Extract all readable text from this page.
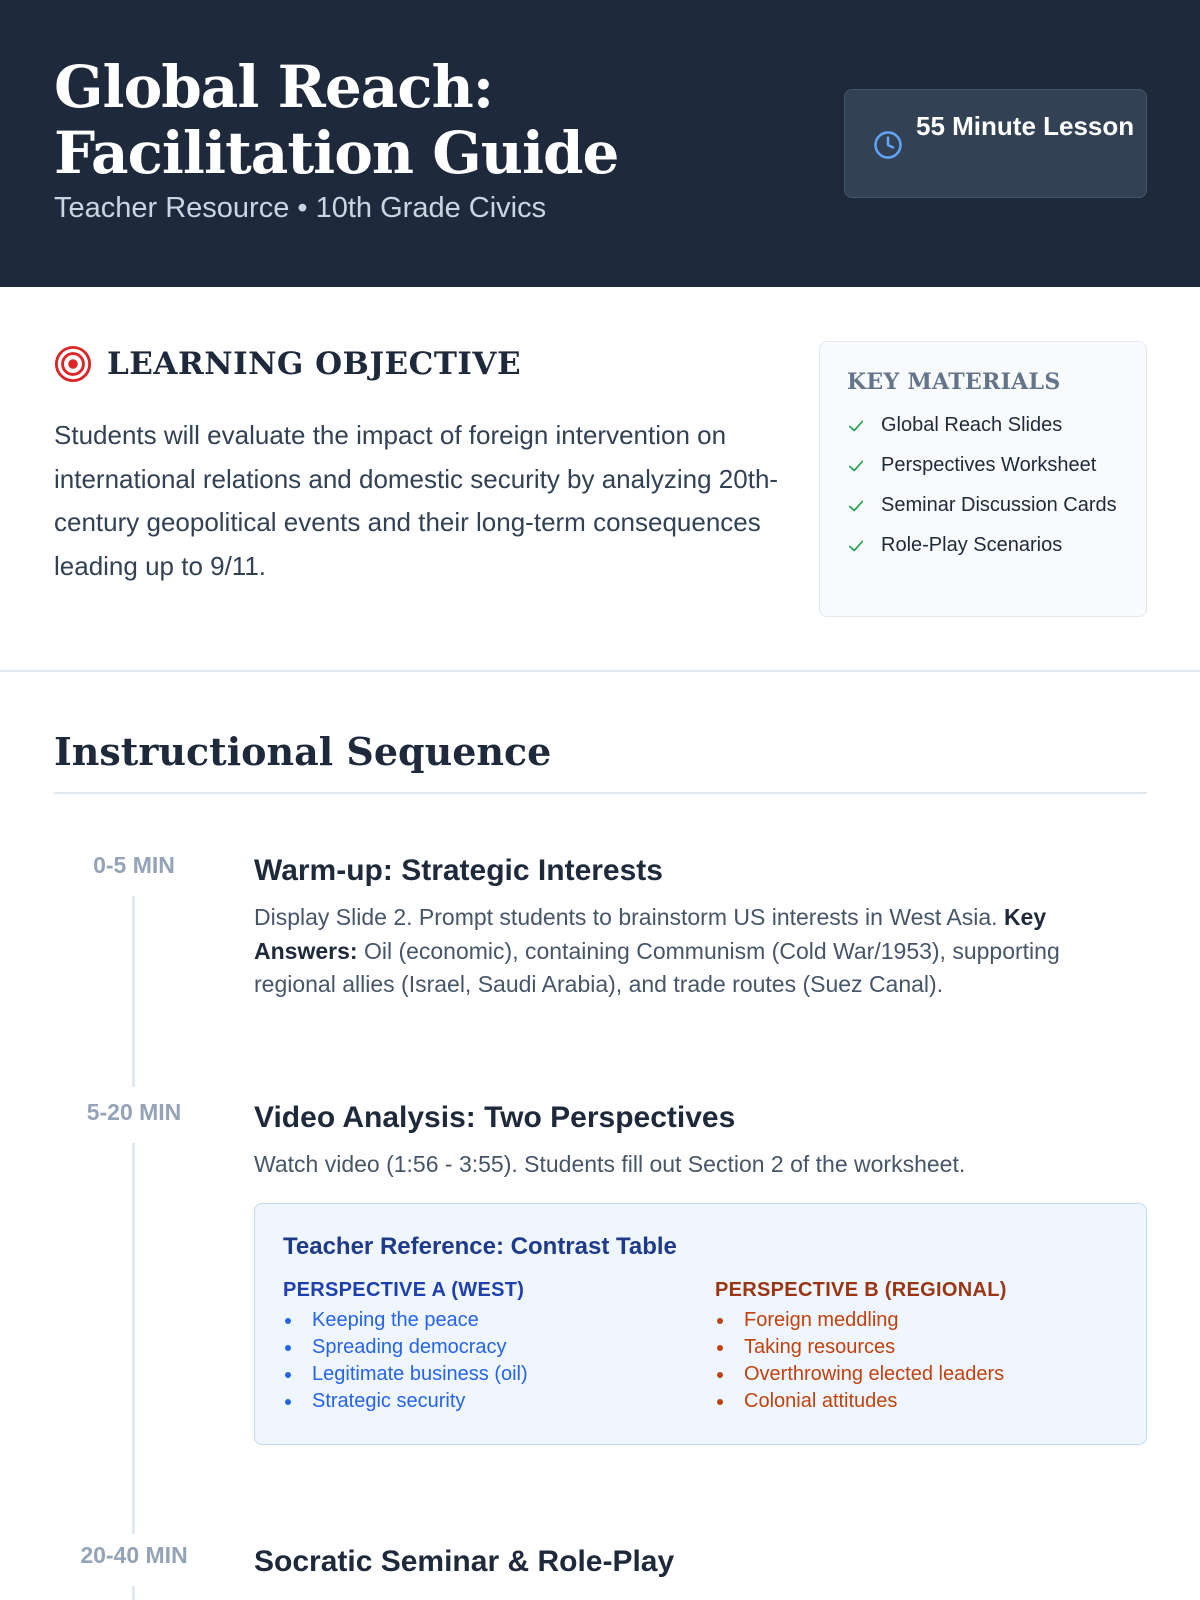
Global Reach: Facilitation Guide
Teacher Resource • 10th Grade Civics
55 Minute Lesson
LEARNING OBJECTIVE

Students will evaluate the impact of foreign intervention on international relations and domestic security by analyzing 20th-century geopolitical events and their long-term consequences leading up to 9/11.

KEY MATERIALS
Global Reach Slides
Perspectives Worksheet
Seminar Discussion Cards
Role-Play Scenarios
Instructional Sequence
0-5 MIN	Warm-up: Strategic Interests

Display Slide 2. Prompt students to brainstorm US interests in West Asia. Key Answers: Oil (economic), containing Communism (Cold War/1953), supporting regional allies (Israel, Saudi Arabia), and trade routes (Suez Canal).

5-20 MIN	Video Analysis: Two Perspectives

Watch video (1:56 - 3:55). Students fill out Section 2 of the worksheet.

Teacher Reference: Contrast Table
PERSPECTIVE A (WEST)
Keeping the peace
Spreading democracy
Legitimate business (oil)
Strategic security
PERSPECTIVE B (REGIONAL)
Foreign meddling
Taking resources
Overthrowing elected leaders
Colonial attitudes
20-40 MIN	Socratic Seminar & Role-Play
